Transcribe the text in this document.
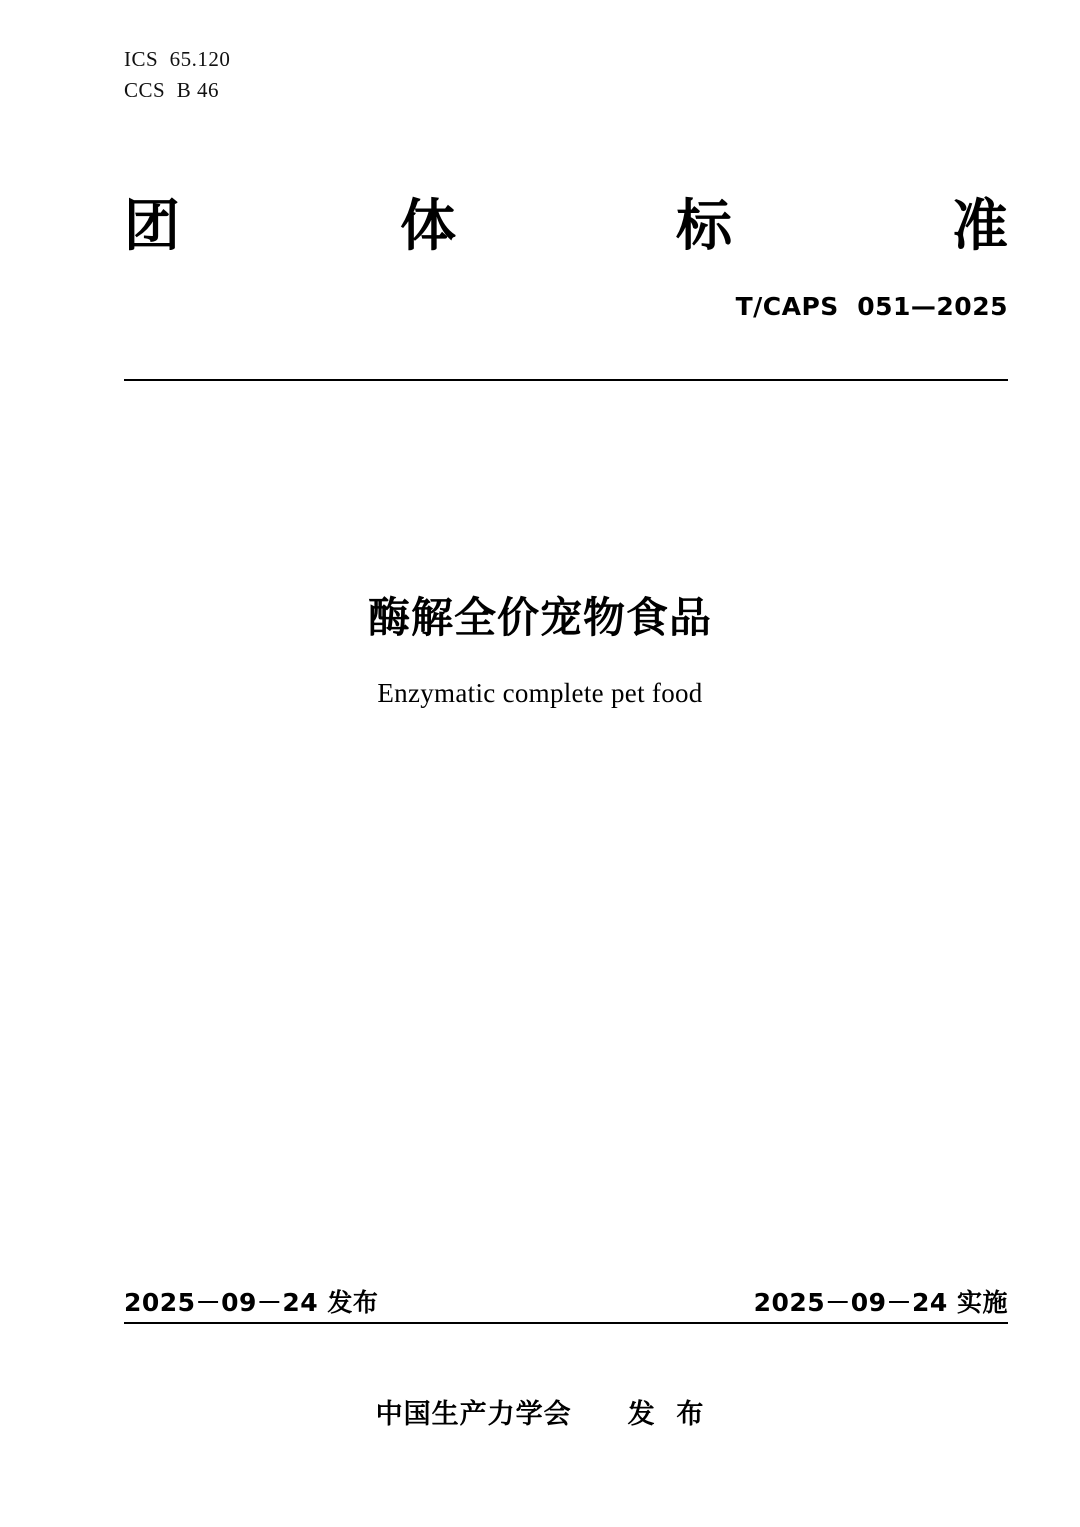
ICS  65.120
CCS  B 46
团	体	标	准
T/CAPS  051—2025
酶解全价宠物食品
Enzymatic complete pet food
2025－09－24 发布	2025－09－24 实施
中国生产力学会　　发  布
